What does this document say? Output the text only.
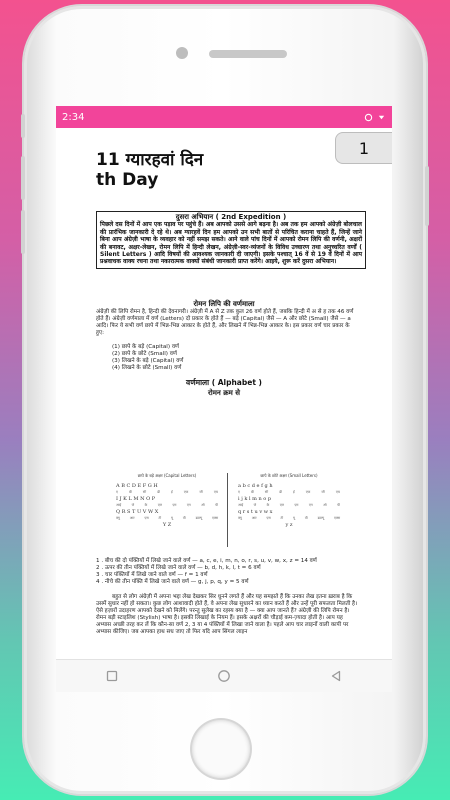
2:34
11 ग्यारहवां दिन
th Day
दुसरा अभियान ( 2nd Expedition )
पिछले दस दिनों में आप एक पड़ाव पर पहुंचे हैं। अब आपको उससे आगे बढ़ना है। अब तक हम आपको अंग्रेज़ी बोलचाल की प्रारंभिक जानकारी दे रहे थे। अब ग्यारहवें दिन हम आपको उन सभी बातों से परिचित कराना चाहते हैं, जिन्हें जाने बिना आप अंग्रेज़ी भाषा के व्यवहार को नहीं समझ सकते। आने वाले पांच दिनों में आपको रोमन लिपि की वर्णनी, अक्षरों की बनावट, अक्षर-लेखन, रोमन लिपि में हिन्दी लेखन, अंग्रेज़ी-स्वर-व्यंजनों के विविध उच्चारण तथा अनुच्चरित वर्णों ( Silent Letters ) आदि विषयों की आवश्यक जानकारी दी जाएगी। इसके पश्चात् 16 वें से 19 वें दिनों में आप प्रश्नवाचक वाक्य रचना तथा नकारात्मक वाक्यों संबंधी जानकारी प्राप्त करेंगे। आइये, शुरू करें दुसरा अभियान।
रोमन लिपि की वर्णमाला
अंग्रेज़ी की लिपि रोमन है, हिन्दी की देवनागरी। अंग्रेज़ी में A से Z तक कुल 26 वर्ण होते हैं, जबकि हिन्दी में अ से ह तक 46 वर्ण होते हैं। अंग्रेज़ी वर्णमाला में वर्ण (Letters) दो प्रकार के होते हैं — बड़े (Capital) जैसे — A और छोटे (Small) जैसे — a आदि। फिर ये सभी वर्ण छापे में भिन्न-भिन्न आकार के होते हैं, और लिखने में भिन्न-भिन्न आकार के। इस प्रकार वर्ण चार प्रकार के हुए:
(1) छापे के बड़े (Capital) वर्ण
(2) छापे के छोटे (Small) वर्ण
(3) लिखने के बड़े (Capital) वर्ण
(4) लिखने के छोटे (Small) वर्ण
वर्णमाला ( Alphabet )
रोमन क्रम से
छापे के बड़े अक्षर (Capital Letters)
A B C D E F G H
ए	बी	सी	डी	ई	एफ	जी	एच
I J K L M N O P
आई	जे	के	एल	एम	एन	ओ	पी
Q R S T U V W X
क्यू	आर	एस	टी	यू	वी	डब्ल्यू	एक्स
Y Z
छापे के छोटे अक्षर (Small Letters)
a b c d e f g h
ए	बी	सी	डी	ई	एफ	जी	एच
i j k l m n o p
आई	जे	के	एल	एम	एन	ओ	पी
q r s t u v w x
क्यू	आर	एस	टी	यू	वी	डब्ल्यू	एक्स
y z
1 . बीच की दो पंक्तियों में लिखे जाने वाले वर्ण — a, c, e, i, m, n, o, r, s, u, v, w, x, z = 14 वर्ण
2 . ऊपर की तीन पंक्तियों में लिखे जाने वाले वर्ण — b, d, h, k, l, t = 6 वर्ण
3 . चार पंक्तियों में लिखे जाने वाले वर्ण — f = 1 वर्ण
4 . नीचे की तीन पंक्ति में लिखे जाने वाले वर्ण — g, j, p, q, y = 5 वर्ण
बहुत से लोग अंग्रेज़ी में अपना भद्दा लेख देखकर सिर धुनने लगते हैं और यह समझते हैं कि उनका लेख इतना ख़राब है कि उसमें सुधार नहीं हो सकता। कुछ लोग आशावादी होते हैं, वे अपना लेख सुधारने का ध्यान करते हैं और उन्हें पूरी सफलता मिलती है। ऐसे हज़ारों उदाहरण आपको देखने को मिलेंगे। परन्तु सुलेख का रहस्य क्या है — क्या आप जानते हैं? अंग्रेज़ी की लिपि रोमन है। रोमन बड़ी स्टाइलिश (Stylish) भाषा है। इसकी लिखाई के नियम हैं। इसके अक्षरों की चौड़ाई कम-ज़्यादा होती है। आप यह अभ्यास अच्छी तरह कर लें कि कौन-सा वर्ण 2, 3 या 4 पंक्तियों में लिखा जाने वाला है। पहले आप चार लाइनों वाली कापी पर अभ्यास कीजिए। जब आपका हाथ सध जाए तो फिर यदि आप सिंगल लाइन
1
